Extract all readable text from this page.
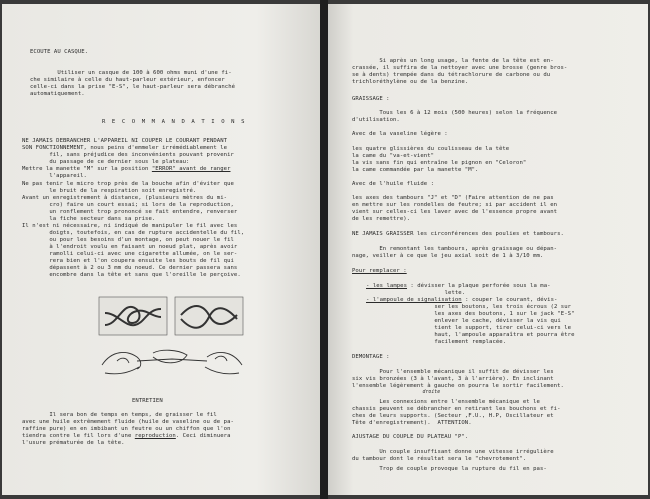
ECOUTE AU CASQUE.
Utiliser un casque de 100 à 600 ohms muni d'une fi-
che similaire à celle du haut-parleur extérieur, enfoncer
celle-ci dans la prise "E-S", le haut-parleur sera débranché
automatiquement.
R E C O M M A N D A T I O N S
NE JAMAIS DEBRANCHER L'APPAREIL NI COUPER LE COURANT PENDANT
SON FONCTIONNEMENT, nous peins d'emmeler irrémédiablement le
fil, sans préjudice des inconvénients pouvant provenir
du passage de ce dernier sous le plateau:
Mettre la manette "M" sur la position "ERROR" avant de ranger
l'appareil.
Ne pas tenir le micro trop près de la bouche afin d'éviter que
le bruit de la respiration soit enregistré.
Avant un enregistrement à distance, (plusieurs mètres du mi-
cro) faire un court essai; si lors de la reproduction,
un ronflement trop prononcé se fait entendre, renverser
la fiche secteur dans sa prise.
Il n'est ni nécessaire, ni indiqué de manipuler le fil avec les
doigts, toutefois, en cas de rupture accidentelle du fil,
ou pour les besoins d'un montage, on peut nouer le fil
à l'endroit voulu en faisant un noeud plat, après avoir
ramolli celui-ci avec une cigarette allumée, on le ser-
rera bien et l'on coupera ensuite les bouts de fil qui
dépassent à 2 ou 3 mm du noeud. Ce dernier passera sans
encombre dans la tête et sans que l'oreille le perçoive.
ENTRETIEN
Il sera bon de temps en temps, de graisser le fil
avec une huile extrêmement fluide (huile de vaseline ou de pa-
raffine pure) en en imbibant un feutre ou un chiffon que l'on
tiendra contre le fil lors d'une reproduction. Ceci diminuera
l'usure prématurée de la tête.
Si après un long usage, la fente de la tête est en-
crassée, il suffira de la nettoyer avec une brosse (genre bros-
se à dents) trempée dans du tétrachlorure de carbone ou du
trichloréthylène ou de la benzine.
GRAISSAGE :
Tous les 6 à 12 mois (500 heures) selon la fréquence
d'utilisation.
Avec de la vaseline légère :
les quatre glissières du coulisseau de la tête
la came du "va-et-vient"
la vis sans fin qui entraîne le pignon en "Celoron"
la came commandée par la manette "M".
Avec de l'huile fluide :
les axes des tambours "J" et "D" (Faire attention de ne pas
en mettre sur les rondelles de feutre; si par accident il en
vient sur celles-ci les laver avec de l'essence propre avant
de les remettre).
NE JAMAIS GRAISSER les circonférences des poulies et tambours.
En remontant les tambours, après graissage ou dépan-
nage, veiller à ce que le jeu axial soit de 1 à 3/10 mm.
Pour remplacer :
- les lampes : dévisser la plaque perforée sous la ma-
lette.
- l'ampoule de signalisation : couper le courant, dévis-
ser les boutons, les trois écrous (2 sur
les axes des boutons, 1 sur le jack "E-S"
enlever le cache, dévisser la vis qui
tient le support, tirer celui-ci vers le
haut, l'ampoule apparaîtra et pourra être
facilement remplacée.
DEMONTAGE :
Pour l'ensemble mécanique il suffit de dévisser les
six vis bronzées (3 à l'avant, 3 à l'arrière). En inclinant
l'ensemble légèrement à gauche on pourra le sortir facilement.
droite
Les connexions entre l'ensemble mécanique et le
chassis peuvent se débrancher en retirant les bouchons et fi-
ches de leurs supports. (Secteur ,F.U., H.P, Oscillateur et
Tête d'enregistrement).  ATTENTION.
AJUSTAGE DU COUPLE DU PLATEAU "P".
Un couple insuffisant donne une vitesse irrégulière
du tambour dont le résultat sera le "chevrotement".
Trop de couple provoque la rupture du fil en pas-
